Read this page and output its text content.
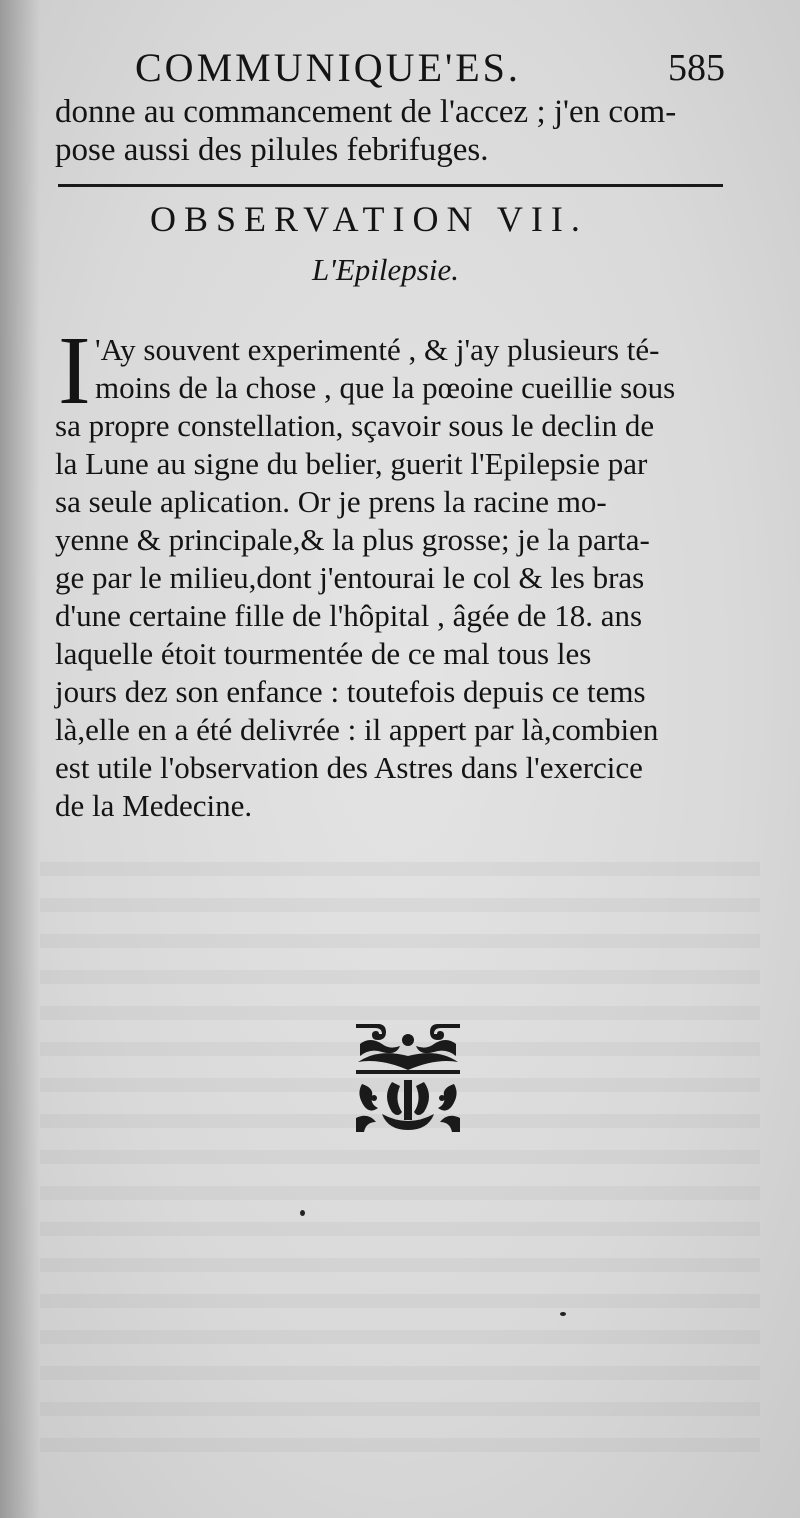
COMMUNIQUE'ES.	585
donne au commancement de l'accez ; j'en com-
pose aussi des pilules febrifuges.
OBSERVATION VII.
L'Epilepsie.
I 'Ay souvent experimenté , & j'ay plusieurs té-
moins de la chose , que la pœoine cueillie sous
sa propre constellation, sçavoir sous le declin de
la Lune au signe du belier, guerit l'Epilepsie par
sa seule aplication. Or je prens la racine mo-
yenne & principale,& la plus grosse; je la parta-
ge par le milieu,dont j'entourai le col & les bras
d'une certaine fille de l'hôpital , âgée de 18. ans
laquelle étoit tourmentée de ce mal tous les
jours dez son enfance : toutefois depuis ce tems
là,elle en a été delivrée : il appert par là,combien
est utile l'observation des Astres dans l'exercice
de la Medecine.
